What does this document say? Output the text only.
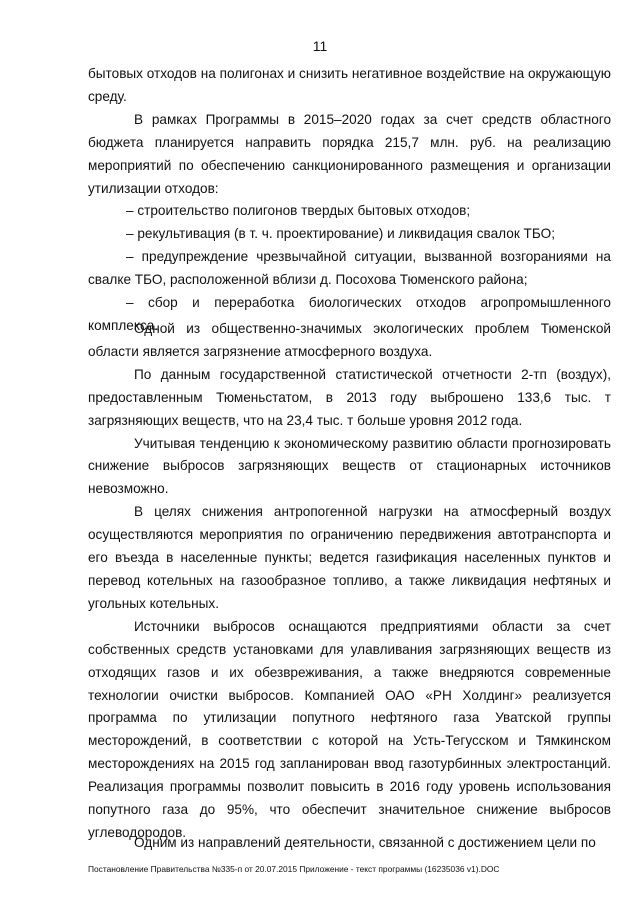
11

бытовых отходов на полигонах и снизить негативное воздействие на окружающую среду.

В рамках Программы в 2015–2020 годах за счет средств областного бюджета планируется направить порядка 215,7 млн. руб. на реализацию мероприятий по обеспечению санкционированного размещения и организации утилизации отходов:

– строительство полигонов твердых бытовых отходов;

– рекультивация (в т. ч. проектирование) и ликвидация свалок ТБО;

– предупреждение чрезвычайной ситуации, вызванной возгораниями на свалке ТБО, расположенной вблизи д. Посохова Тюменского района;

– сбор и переработка биологических отходов агропромышленного комплекса.

Одной из общественно-значимых экологических проблем Тюменской области является загрязнение атмосферного воздуха.

По данным государственной статистической отчетности 2-тп (воздух), предоставленным Тюменьстатом, в 2013 году выброшено 133,6 тыс. т загрязняющих веществ, что на 23,4 тыс. т больше уровня 2012 года.

Учитывая тенденцию к экономическому развитию области прогнозировать снижение выбросов загрязняющих веществ от стационарных источников невозможно.

В целях снижения антропогенной нагрузки на атмосферный воздух осуществляются мероприятия по ограничению передвижения автотранспорта и его въезда в населенные пункты; ведется газификация населенных пунктов и перевод котельных на газообразное топливо, а также ликвидация нефтяных и угольных котельных.

Источники выбросов оснащаются предприятиями области за счет собственных средств установками для улавливания загрязняющих веществ из отходящих газов и их обезвреживания, а также внедряются современные технологии очистки выбросов. Компанией ОАО «РН Холдинг» реализуется программа по утилизации попутного нефтяного газа Уватской группы месторождений, в соответствии с которой на Усть-Тегусском и Тямкинском месторождениях на 2015 год запланирован ввод газотурбинных электростанций. Реализация программы позволит повысить в 2016 году уровень использования попутного газа до 95%, что обеспечит значительное снижение выбросов углеводородов.

Одним из направлений деятельности, связанной с достижением цели по

Постановление Правительства №335-п от 20.07.2015 Приложение - текст программы (16235036 v1).DOC
